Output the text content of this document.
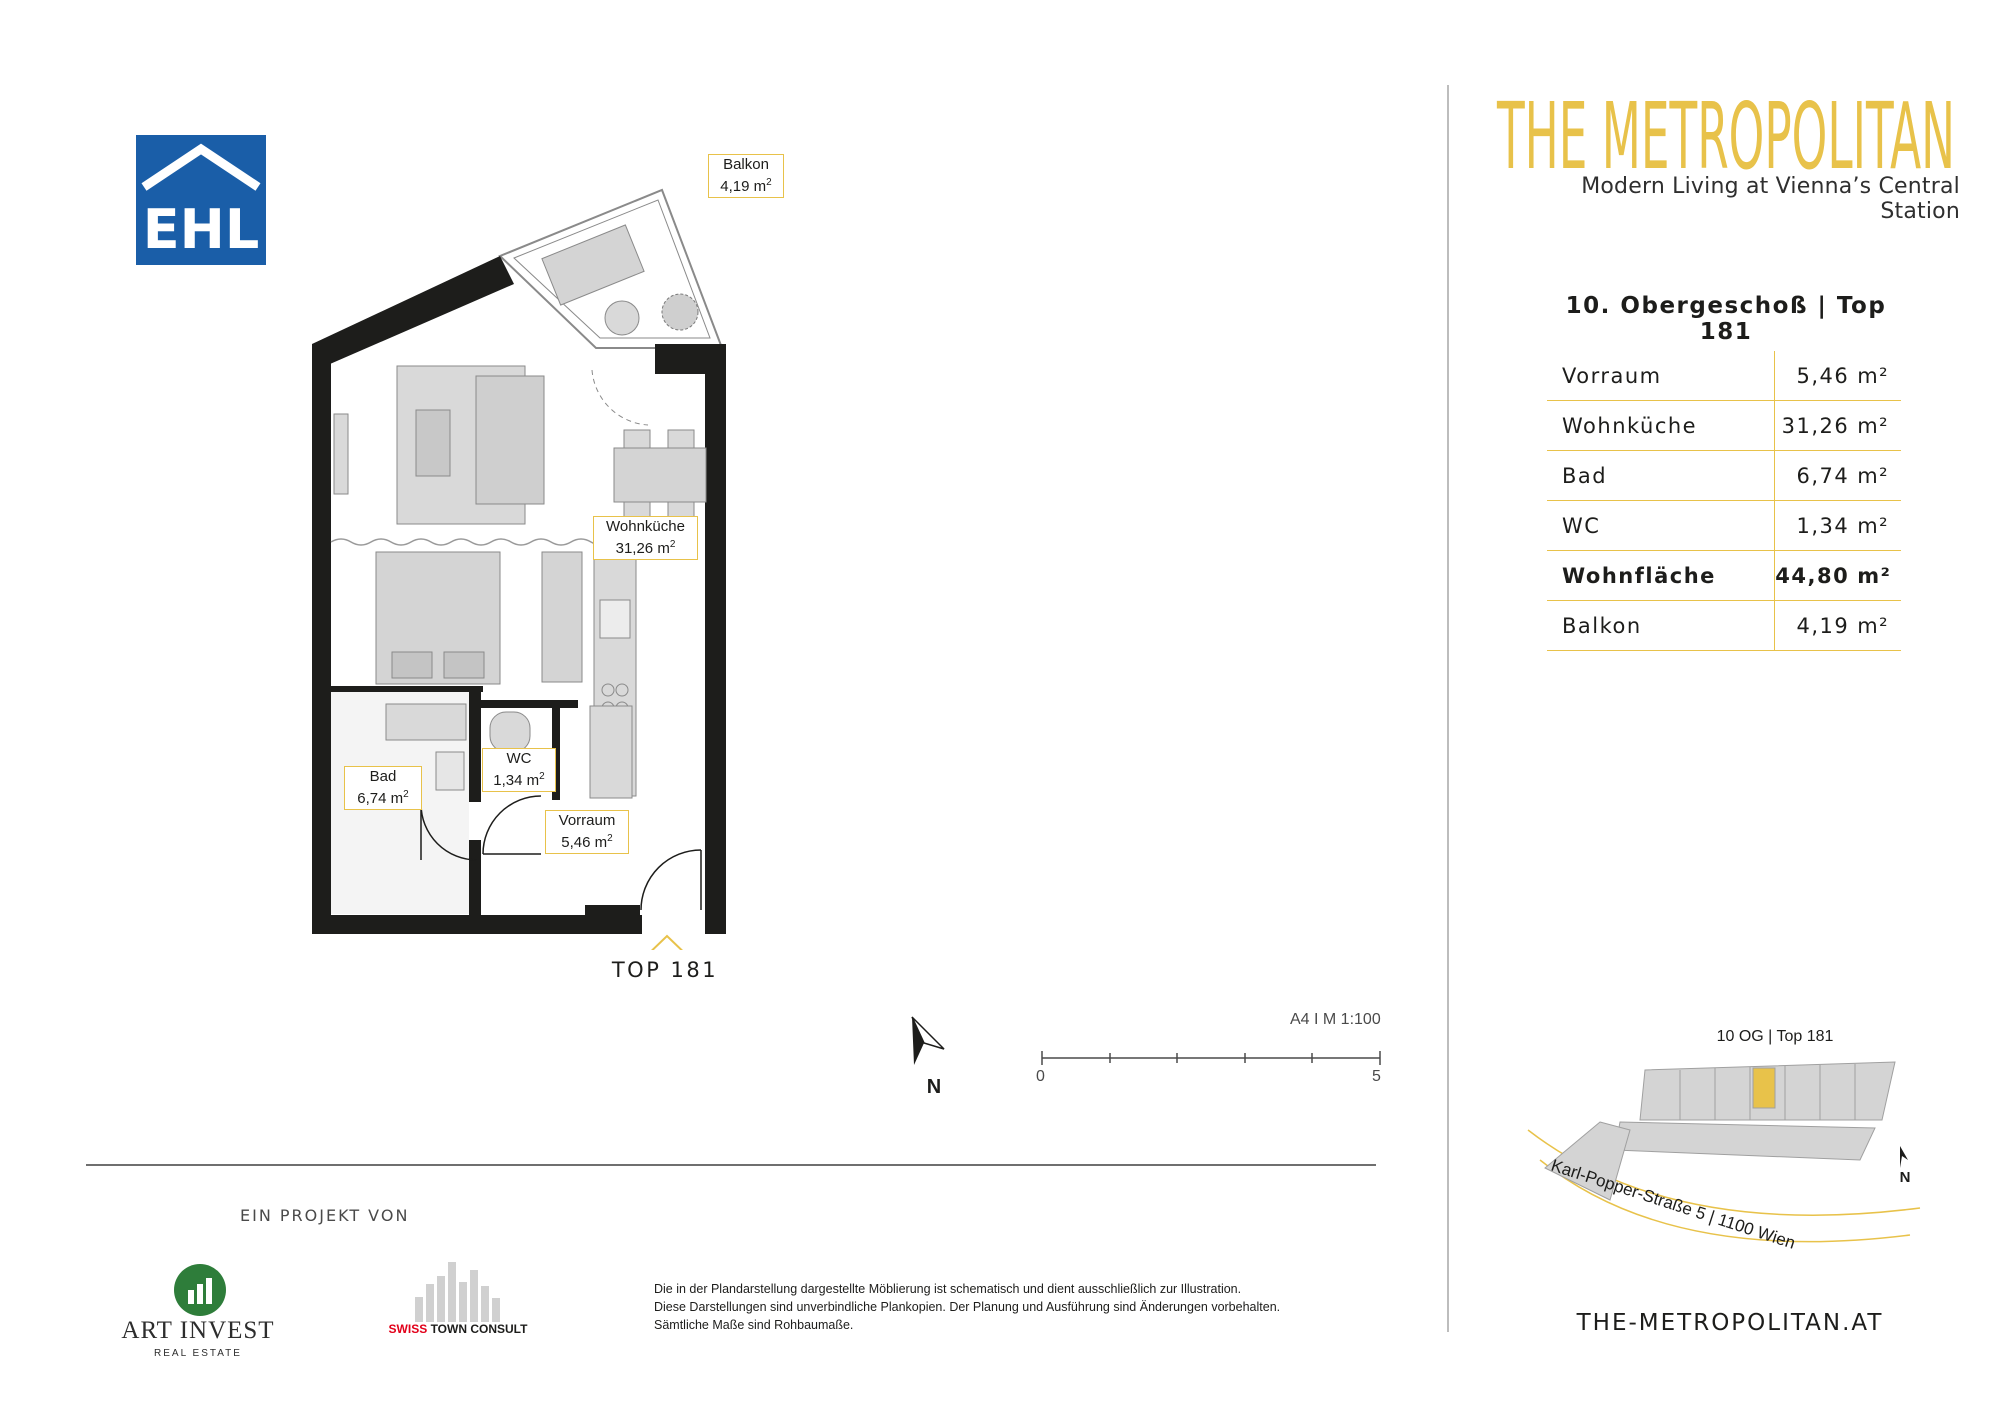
EHL
THE METROPOLITAN
Modern Living at Vienna’s Central Station
10. Obergeschoß | Top 181
Vorraum	5,46	m²
Wohnküche	31,26	m²
Bad	6,74	m²
WC	1,34	m²
Wohnfläche	44,80	m²
Balkon	4,19	m²
Balkon
4,19 $m^2$
Wohnküche
31,26 $m^2$
Bad
6,74 $m^2$
WC
1,34 $m^2$
Vorraum
5,46 $m^2$
TOP 181
N
A4 I M 1:100
0	5
10 OG | Top 181
N
Karl-Popper-Straße 5 | 1100 Wien
THE-METROPOLITAN.AT
EIN PROJEKT VON
ART INVEST
REAL ESTATE
SWISS TOWN CONSULT
Die in der Plandarstellung dargestellte Möblierung ist schematisch und dient ausschließlich zur Illustration.
Diese Darstellungen sind unverbindliche Plankopien. Der Planung und Ausführung sind Änderungen vorbehalten.
Sämtliche Maße sind Rohbaumaße.
